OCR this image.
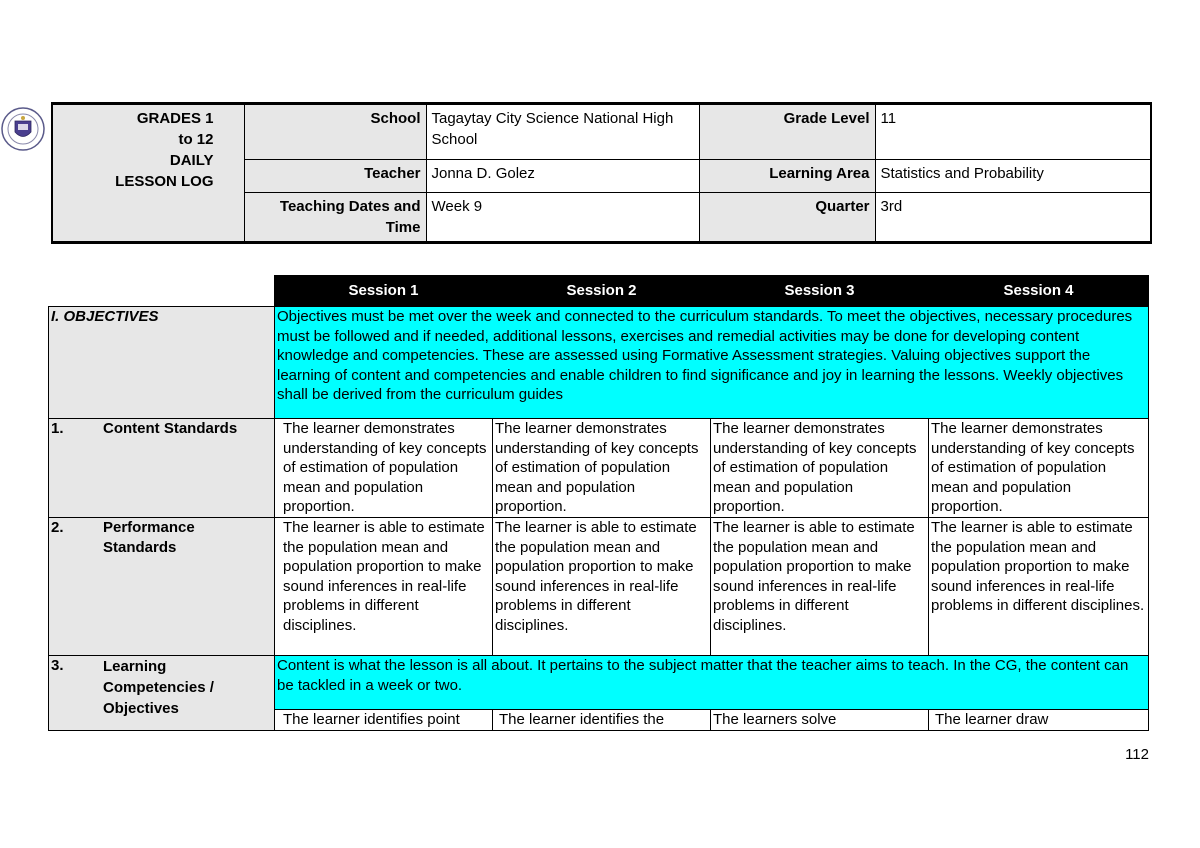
GRADES 1
to 12
DAILY
LESSON LOG	School	Tagaytay City Science National High School	Grade Level	11
	Teacher	Jonna D. Golez	Learning Area	Statistics and Probability
	Teaching Dates and Time	Week 9	Quarter	3rd
	Session 1	Session 2	Session 3	Session 4
I. OBJECTIVES	Objectives must be met over the week and connected to the curriculum standards. To meet the objectives, necessary procedures must be followed and if needed, additional lessons, exercises and remedial activities may be done for developing content knowledge and competencies. These are assessed using Formative Assessment strategies. Valuing objectives support the learning of content and competencies and enable children to find significance and joy in learning the lessons. Weekly objectives shall be derived from the curriculum guides			
1. Content Standards	The learner demonstrates understanding of key concepts of estimation of population mean and population proportion.	The learner demonstrates understanding of key concepts of estimation of population mean and population proportion.	The learner demonstrates understanding of key concepts of estimation of population mean and population proportion.	The learner demonstrates understanding of key concepts of estimation of population mean and population proportion.
2. Performance Standards	The learner is able to estimate the population mean and population proportion to make sound inferences in real-life problems in different disciplines.	The learner is able to estimate the population mean and population proportion to make sound inferences in real-life problems in different disciplines.	The learner is able to estimate the population mean and population proportion to make sound inferences in real-life problems in different disciplines.	The learner is able to estimate the population mean and population proportion to make sound inferences in real-life problems in different disciplines.
3. Learning Competencies / Objectives	Content is what the lesson is all about. It pertains to the subject matter that the teacher aims to teach. In the CG, the content can be tackled in a week or two.			
	The learner identifies point	The learner identifies the	The learners solve	The learner draw
112
